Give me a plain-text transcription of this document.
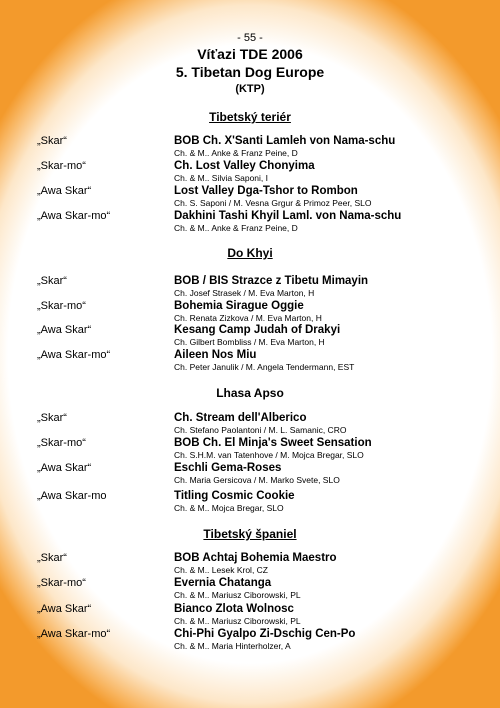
- 55 -
Víťazi TDE 2006
5. Tibetan Dog Europe
(KTP)
Tibetský teriér
„Skar“	BOB Ch. X'Santi Lamleh von Nama-schu
Ch. & M.. Anke & Franz Peine, D
„Skar-mo“	Ch. Lost Valley Chonyima
Ch. & M.. Silvia Saponi, I
„Awa Skar“	Lost Valley Dga-Tshor to Rombon
Ch. S. Saponi / M. Vesna Grgur & Primoz Peer, SLO
„Awa Skar-mo“	Dakhini Tashi Khyil Laml. von Nama-schu
Ch. & M.. Anke & Franz Peine, D
Do Khyi
„Skar“	BOB / BIS Strazce z Tibetu Mimayin
Ch. Josef Strasek / M. Eva Marton, H
„Skar-mo“	Bohemia Sirague Oggie
Ch. Renata Zizkova / M. Eva Marton, H
„Awa Skar“	Kesang Camp Judah of Drakyi
Ch. Gilbert Bombliss / M. Eva Marton, H
„Awa Skar-mo“	Aileen Nos Miu
Ch. Peter Janulik / M. Angela Tendermann, EST
Lhasa Apso
„Skar“	Ch. Stream dell'Alberico
Ch. Stefano Paolantoni / M. L. Samanic, CRO
„Skar-mo“	BOB Ch. El Minja's Sweet Sensation
Ch. S.H.M. van Tatenhove / M. Mojca Bregar, SLO
„Awa Skar“	Eschli Gema-Roses
Ch. Maria Gersicova / M. Marko Svete, SLO
„Awa Skar-mo	Titling Cosmic Cookie
Ch. & M.. Mojca Bregar, SLO
Tibetský španiel
„Skar“	BOB Achtaj Bohemia Maestro
Ch. & M.. Lesek Krol, CZ
„Skar-mo“	Evernia Chatanga
Ch. & M.. Mariusz Ciborowski, PL
„Awa Skar“	Bianco Zlota Wolnosc
Ch. & M.. Mariusz Ciborowski, PL
„Awa Skar-mo“	Chi-Phi Gyalpo Zi-Dschig Cen-Po
Ch. & M.. Maria Hinterholzer, A
